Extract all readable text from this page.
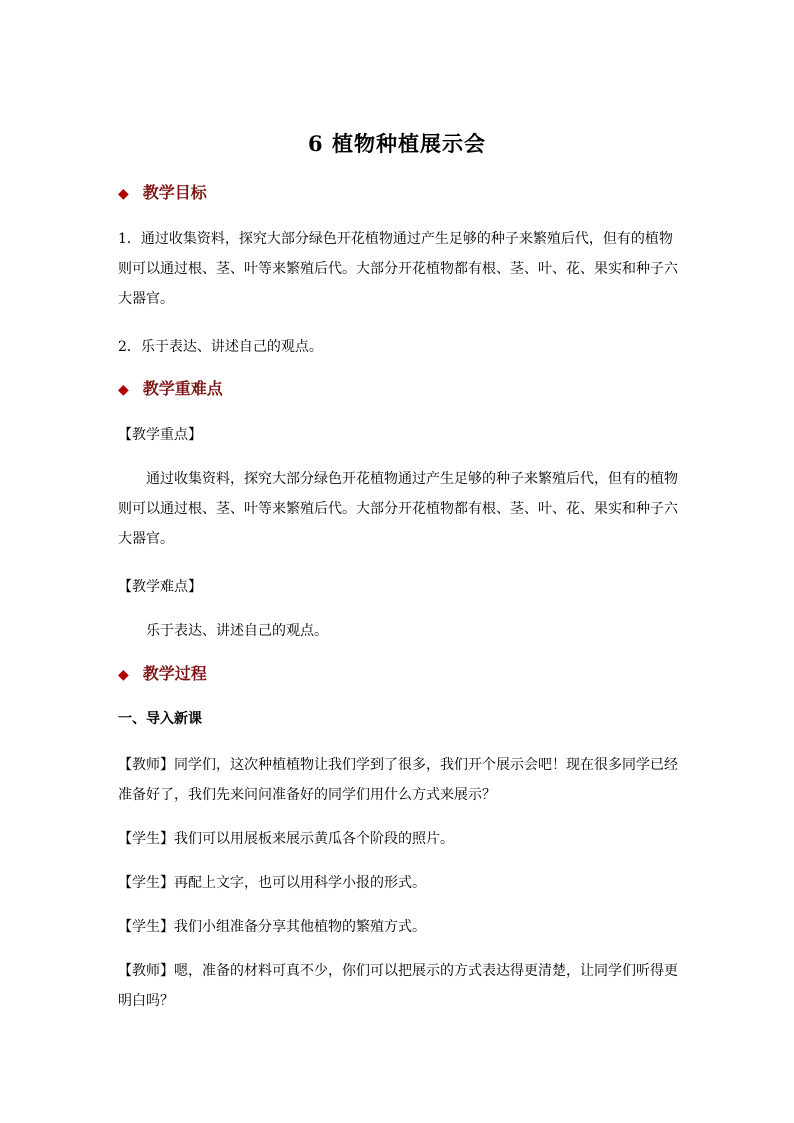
6 植物种植展示会
◆ 教学目标

1．通过收集资料，探究大部分绿色开花植物通过产生足够的种子来繁殖后代，但有的植物则可以通过根、茎、叶等来繁殖后代。大部分开花植物都有根、茎、叶、花、果实和种子六大器官。

2．乐于表达、讲述自己的观点。

◆ 教学重难点

【教学重点】

通过收集资料，探究大部分绿色开花植物通过产生足够的种子来繁殖后代，但有的植物则可以通过根、茎、叶等来繁殖后代。大部分开花植物都有根、茎、叶、花、果实和种子六大器官。

【教学难点】

乐于表达、讲述自己的观点。

◆ 教学过程

一、导入新课

【教师】同学们，这次种植植物让我们学到了很多，我们开个展示会吧！现在很多同学已经准备好了，我们先来问问准备好的同学们用什么方式来展示？

【学生】我们可以用展板来展示黄瓜各个阶段的照片。

【学生】再配上文字，也可以用科学小报的形式。

【学生】我们小组准备分享其他植物的繁殖方式。

【教师】嗯，准备的材料可真不少，你们可以把展示的方式表达得更清楚，让同学们听得更明白吗？
